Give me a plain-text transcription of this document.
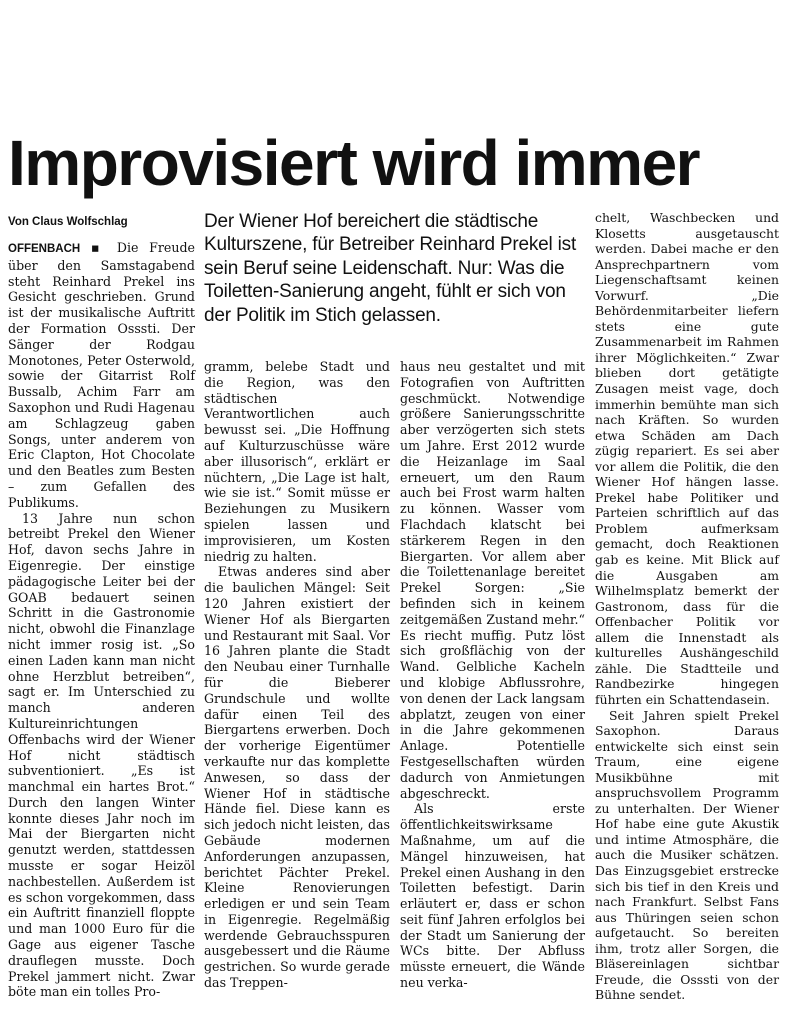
Improvisiert wird immer
Von Claus Wolfschlag	Der Wiener Hof bereichert die städtische Kulturszene, für Betreiber Reinhard Prekel ist sein Beruf seine Leidenschaft. Nur: Was die Toiletten-Sanierung angeht, fühlt er sich von der Politik im Stich gelassen.

OFFENBACH ▪ Die Freude über den Samstagabend steht Reinhard Prekel ins Gesicht geschrieben. Grund ist der musikalische Auftritt der Formation Osssti. Der Sänger der Rodgau Monotones, Peter Osterwold, sowie der Gitarrist Rolf Bussalb, Achim Farr am Saxophon und Rudi Hagenau am Schlagzeug gaben Songs, unter anderem von Eric Clapton, Hot Chocolate und den Beatles zum Besten – zum Gefallen des Publikums.

13 Jahre nun schon betreibt Prekel den Wiener Hof, davon sechs Jahre in Eigenregie. Der einstige pädagogische Leiter bei der GOAB bedauert seinen Schritt in die Gastronomie nicht, obwohl die Finanzlage nicht immer rosig ist. „So einen Laden kann man nicht ohne Herzblut betreiben“, sagt er. Im Unterschied zu manch anderen Kultureinrichtungen Offenbachs wird der Wiener Hof nicht städtisch subventioniert. „Es ist manchmal ein hartes Brot.“ Durch den langen Winter konnte dieses Jahr noch im Mai der Biergarten nicht genutzt werden, stattdessen musste er sogar Heizöl nachbestellen. Außerdem ist es schon vorgekommen, dass ein Auftritt finanziell floppte und man 1000 Euro für die Gage aus eigener Tasche drauflegen musste. Doch Prekel jammert nicht. Zwar böte man ein tolles Pro-

gramm, belebe Stadt und die Region, was den städtischen Verantwortlichen auch bewusst sei. „Die Hoffnung auf Kulturzuschüsse wäre aber illusorisch“, erklärt er nüchtern, „Die Lage ist halt, wie sie ist.“ Somit müsse er Beziehungen zu Musikern spielen lassen und improvisieren, um Kosten niedrig zu halten.

Etwas anderes sind aber die baulichen Mängel: Seit 120 Jahren existiert der Wiener Hof als Biergarten und Restaurant mit Saal. Vor 16 Jahren plante die Stadt den Neubau einer Turnhalle für die Bieberer Grundschule und wollte dafür einen Teil des Biergartens erwerben. Doch der vorherige Eigentümer verkaufte nur das komplette Anwesen, so dass der Wiener Hof in städtische Hände fiel. Diese kann es sich jedoch nicht leisten, das Gebäude modernen Anforderungen anzupassen, berichtet Pächter Prekel. Kleine Renovierungen erledigen er und sein Team in Eigenregie. Regelmäßig werdende Gebrauchsspuren ausgebessert und die Räume gestrichen. So wurde gerade das Treppen-

haus neu gestaltet und mit Fotografien von Auftritten geschmückt. Notwendige größere Sanierungsschritte aber verzögerten sich stets um Jahre. Erst 2012 wurde die Heizanlage im Saal erneuert, um den Raum auch bei Frost warm halten zu können. Wasser vom Flachdach klatscht bei stärkerem Regen in den Biergarten. Vor allem aber die Toilettenanlage bereitet Prekel Sorgen: „Sie befinden sich in keinem zeitgemäßen Zustand mehr.“ Es riecht muffig. Putz löst sich großflächig von der Wand. Gelbliche Kacheln und klobige Abflussrohre, von denen der Lack langsam abplatzt, zeugen von einer in die Jahre gekommenen Anlage. Potentielle Festgesellschaften würden dadurch von Anmietungen abgeschreckt.

Als erste öffentlichkeitswirksame Maßnahme, um auf die Mängel hinzuweisen, hat Prekel einen Aushang in den Toiletten befestigt. Darin erläutert er, dass er schon seit fünf Jahren erfolglos bei der Stadt um Sanierung der WCs bitte. Der Abfluss müsste erneuert, die Wände neu verka-

chelt, Waschbecken und Klosetts ausgetauscht werden. Dabei mache er den Ansprechpartnern vom Liegenschaftsamt keinen Vorwurf. „Die Behördenmitarbeiter liefern stets eine gute Zusammenarbeit im Rahmen ihrer Möglichkeiten.“ Zwar blieben dort getätigte Zusagen meist vage, doch immerhin bemühte man sich nach Kräften. So wurden etwa Schäden am Dach zügig repariert. Es sei aber vor allem die Politik, die den Wiener Hof hängen lasse. Prekel habe Politiker und Parteien schriftlich auf das Problem aufmerksam gemacht, doch Reaktionen gab es keine. Mit Blick auf die Ausgaben am Wilhelmsplatz bemerkt der Gastronom, dass für die Offenbacher Politik vor allem die Innenstadt als kulturelles Aushängeschild zähle. Die Stadtteile und Randbezirke hingegen führten ein Schattendasein.

Seit Jahren spielt Prekel Saxophon. Daraus entwickelte sich einst sein Traum, eine eigene Musikbühne mit anspruchsvollem Programm zu unterhalten. Der Wiener Hof habe eine gute Akustik und intime Atmosphäre, die auch die Musiker schätzen. Das Einzugsgebiet erstrecke sich bis tief in den Kreis und nach Frankfurt. Selbst Fans aus Thüringen seien schon aufgetaucht. So bereiten ihm, trotz aller Sorgen, die Bläsereinlagen sichtbar Freude, die Osssti von der Bühne sendet.
